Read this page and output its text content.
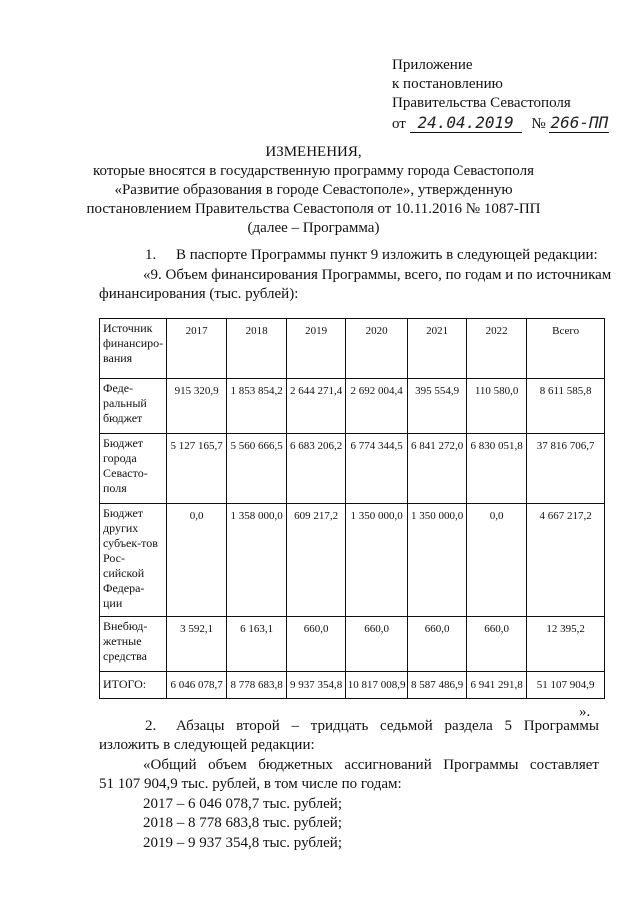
Приложение
к постановлению
Правительства Севастополя
от 24.04.2019 № 266-ПП
ИЗМЕНЕНИЯ,
которые вносятся в государственную программу города Севастополя
«Развитие образования в городе Севастополе», утвержденную
постановлением Правительства Севастополя от 10.11.2016 № 1087-ПП
(далее – Программа)
1. В паспорте Программы пункт 9 изложить в следующей редакции:
«9. Объем финансирования Программы, всего, по годам и по источникам
финансирования (тыс. рублей):
Источник финансиро-вания	2017	2018	2019	2020	2021	2022	Всего
Феде-ральный бюджет	915 320,9	1 853 854,2	2 644 271,4	2 692 004,4	395 554,9	110 580,0	8 611 585,8
Бюджет города Севасто-поля	5 127 165,7	5 560 666,5	6 683 206,2	6 774 344,5	6 841 272,0	6 830 051,8	37 816 706,7
Бюджет других субъек-тов Рос-сийской Федера-ции	0,0	1 358 000,0	609 217,2	1 350 000,0	1 350 000,0	0,0	4 667 217,2
Внебюд-жетные средства	3 592,1	6 163,1	660,0	660,0	660,0	660,0	12 395,2
ИТОГО:	6 046 078,7	8 778 683,8	9 937 354,8	10 817 008,9	8 587 486,9	6 941 291,8	51 107 904,9
».
2. Абзацы второй – тридцать седьмой раздела 5 Программы
изложить в следующей редакции:
«Общий объем бюджетных ассигнований Программы составляет
51 107 904,9 тыс. рублей, в том числе по годам:
2017 – 6 046 078,7 тыс. рублей;
2018 – 8 778 683,8 тыс. рублей;
2019 – 9 937 354,8 тыс. рублей;
